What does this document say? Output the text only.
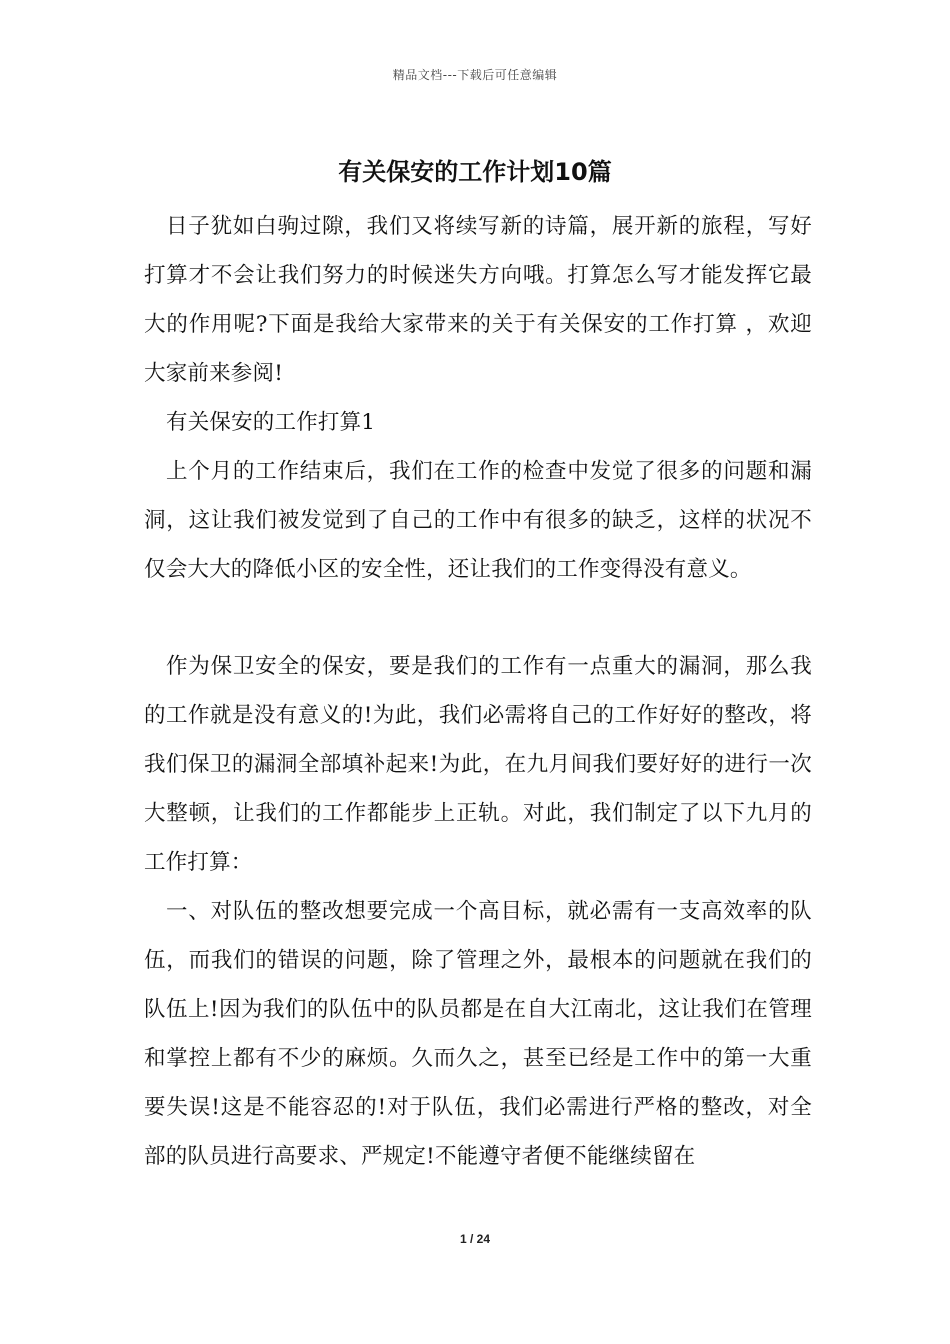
精品文档---下载后可任意编辑
有关保安的工作计划10篇

日子犹如白驹过隙，我们又将续写新的诗篇，展开新的旅程，写好打算才不会让我们努力的时候迷失方向哦。打算怎么写才能发挥它最大的作用呢?下面是我给大家带来的关于有关保安的工作打算 ，欢迎大家前来参阅!

有关保安的工作打算1

上个月的工作结束后，我们在工作的检查中发觉了很多的问题和漏洞，这让我们被发觉到了自己的工作中有很多的缺乏，这样的状况不仅会大大的降低小区的安全性，还让我们的工作变得没有意义。

作为保卫安全的保安，要是我们的工作有一点重大的漏洞，那么我的工作就是没有意义的!为此，我们必需将自己的工作好好的整改，将我们保卫的漏洞全部填补起来!为此，在九月间我们要好好的进行一次大整顿，让我们的工作都能步上正轨。对此，我们制定了以下九月的工作打算：

一、对队伍的整改想要完成一个高目标，就必需有一支高效率的队伍，而我们的错误的问题，除了管理之外，最根本的问题就在我们的队伍上!因为我们的队伍中的队员都是在自大江南北，这让我们在管理和掌控上都有不少的麻烦。久而久之，甚至已经是工作中的第一大重要失误!这是不能容忍的!对于队伍，我们必需进行严格的整改，对全部的队员进行高要求、严规定!不能遵守者便不能继续留在

1 / 24
